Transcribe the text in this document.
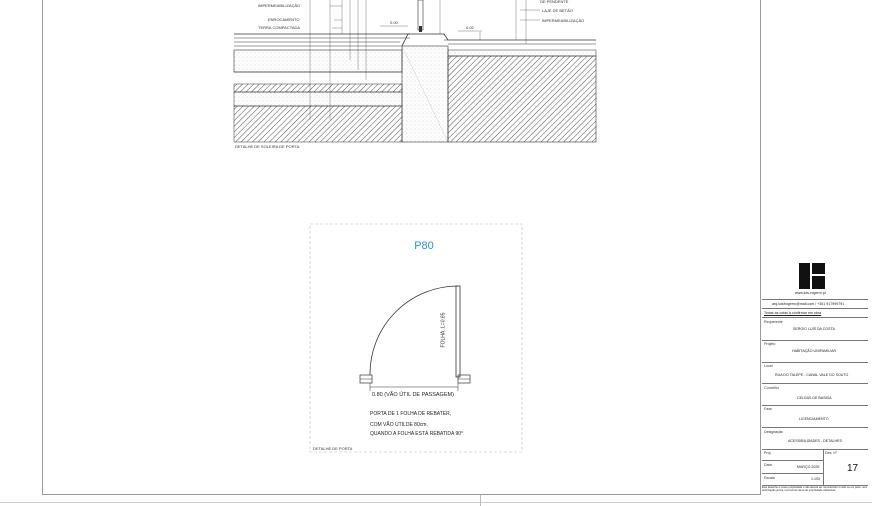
IMPERMEABILIZAÇÃO
ENROCAMENTO
TERRA COMPACTADA
DE PENDENTE
LAJE DE BETÃO
IMPERMEABILIZAÇÃO
0.00
0.02
DETALHE DE SOLEIRA DE PORTA
P80
FOLHA: L=0.85
0.80 (VÃO ÚTIL DE PASSAGEM)
PORTA DE 1 FOLHA DE REBATER,
COM VÃO ÚTILDE 80cm,
QUANDO A FOLHA ESTÁ REBATIDA 90°
DETALHE DE PORTA
www.luis-rogerro.pt
arq.luisfrogerro@mail.com / +351 917999791
Todas as cotas a confirmar em obra
Requerente
SERGIO LUÍS DA COSTA
Projeto
HABITAÇÃO UNIFAMILIAR
Local
RUA DO TALEPE - CANAL VALE DO SOUTO
Concelho
CELDAS DE BASIDA
Fase
LICENCIAMENTO
Designação
ACESSIBILIDADES - DETALHES
Proj.	Des. nº
Data	MARÇO 2025
Escala	1:100
17
Este desenho é nosso propriedade e não deverá ser reproduzido no todo ou em parte, sem autorização prévia, nos termos da lei de propriedade intelectual.
